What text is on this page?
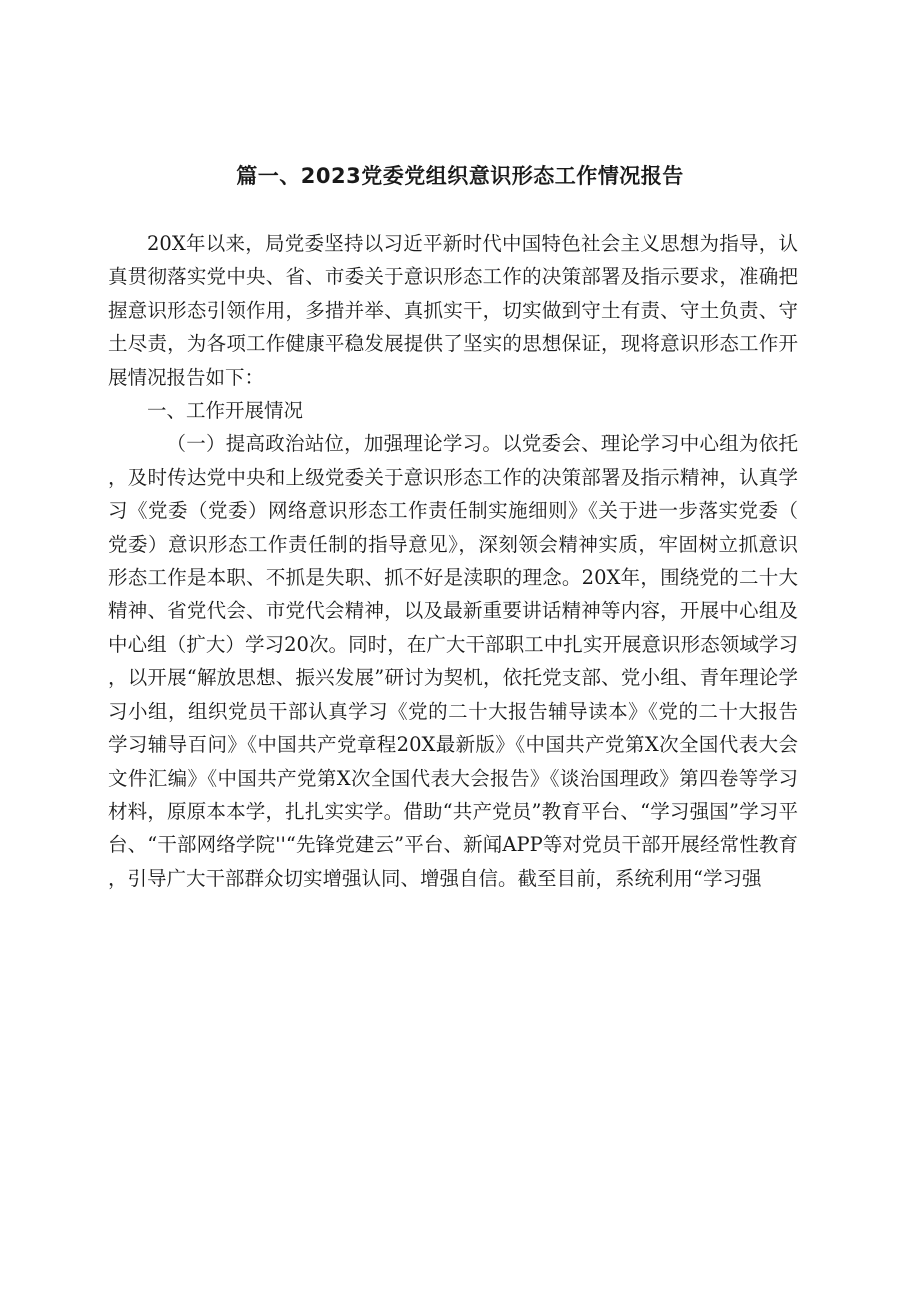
篇一、2023党委党组织意识形态工作情况报告

20X年以来，局党委坚持以习近平新时代中国特色社会主义思想为指导，认真贯彻落实党中央、省、市委关于意识形态工作的决策部署及指示要求，准确把握意识形态引领作用，多措并举、真抓实干，切实做到守土有责、守土负责、守土尽责，为各项工作健康平稳发展提供了坚实的思想保证，现将意识形态工作开展情况报告如下：

一、工作开展情况

（一）提高政治站位，加强理论学习。以党委会、理论学习中心组为依托，及时传达党中央和上级党委关于意识形态工作的决策部署及指示精神，认真学习《党委（党委）网络意识形态工作责任制实施细则》《关于进一步落实党委（党委）意识形态工作责任制的指导意见》，深刻领会精神实质，牢固树立抓意识形态工作是本职、不抓是失职、抓不好是渎职的理念。20X年，围绕党的二十大精神、省党代会、市党代会精神，以及最新重要讲话精神等内容，开展中心组及中心组（扩大）学习20次。同时，在广大干部职工中扎实开展意识形态领域学习，以开展“解放思想、振兴发展”研讨为契机，依托党支部、党小组、青年理论学习小组，组织党员干部认真学习《党的二十大报告辅导读本》《党的二十大报告学习辅导百问》《中国共产党章程20X最新版》《中国共产党第X次全国代表大会文件汇编》《中国共产党第X次全国代表大会报告》《谈治国理政》第四卷等学习材料，原原本本学，扎扎实实学。借助“共产党员”教育平台、“学习强国”学习平台、“干部网络学院''“先锋党建云”平台、新闻APP等对党员干部开展经常性教育，引导广大干部群众切实增强认同、增强自信。截至目前，系统利用“学习强
